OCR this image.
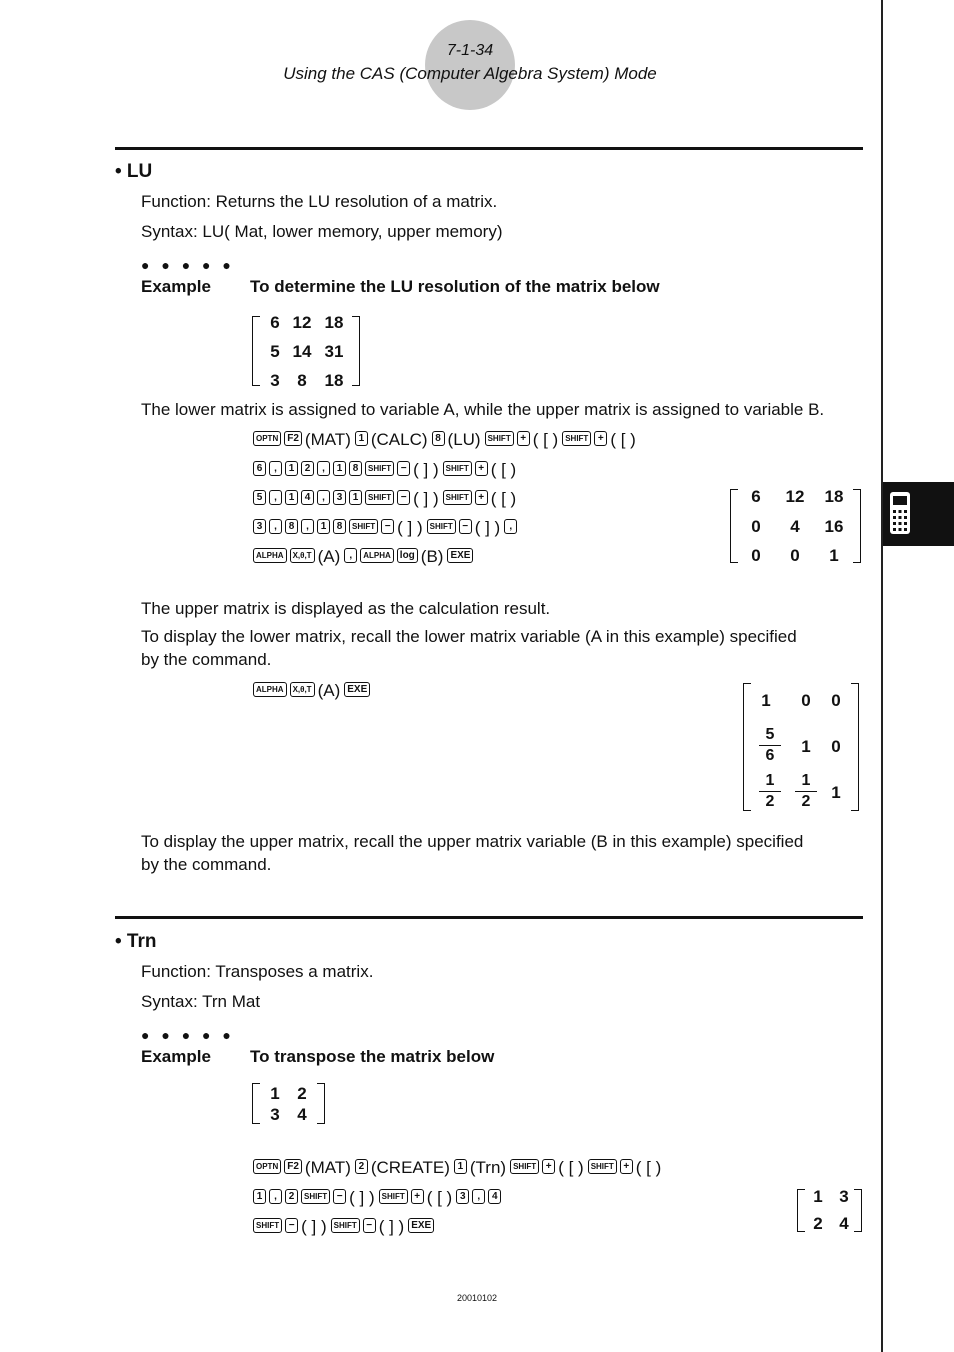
7-1-34
Using the CAS (Computer Algebra System) Mode
• LU
Function: Returns the LU resolution of a matrix.
Syntax: LU( Mat, lower memory, upper memory)
● ● ● ● ●
Example To determine the LU resolution of the matrix below
6 12 18
5 14 31
3	8	18
The lower matrix is assigned to variable A, while the upper matrix is assigned to variable B.
OPTN F2 (MAT) 1 (CALC) 8 (LU) SHIFT + ( [ ) SHIFT + ( [ )
6 , 1 2 , 1 8 SHIFT − ( ] ) SHIFT + ( [ )
5 , 1 4 , 3 1 SHIFT − ( ] ) SHIFT + ( [ )
3 , 8 , 1 8 SHIFT − ( ] ) SHIFT − ( ] ) ,
ALPHA X,θ,T (A) , ALPHA log (B) EXE
6	12 18
0	4	16
0	0	1
The upper matrix is displayed as the calculation result.
To display the lower matrix, recall the lower matrix variable (A in this example) specified
by the command.
ALPHA X,θ,T (A) EXE
1 0 0
$\frac{5}{6} 1$ 0
$\frac{1}{2} \frac{1}{2} 1$
To display the upper matrix, recall the upper matrix variable (B in this example) specified
by the command.
• Trn
Function: Transposes a matrix.
Syntax: Trn Mat
● ● ● ● ●
Example To transpose the matrix below
1	2
3	4
OPTN F2 (MAT) 2 (CREATE) 1 (Trn) SHIFT + ( [ ) SHIFT + ( [ )
1 , 2 SHIFT − ( ] ) SHIFT + ( [ ) 3 , 4
SHIFT − ( ] ) SHIFT − ( ] ) EXE
1 3
2 4
20010102
